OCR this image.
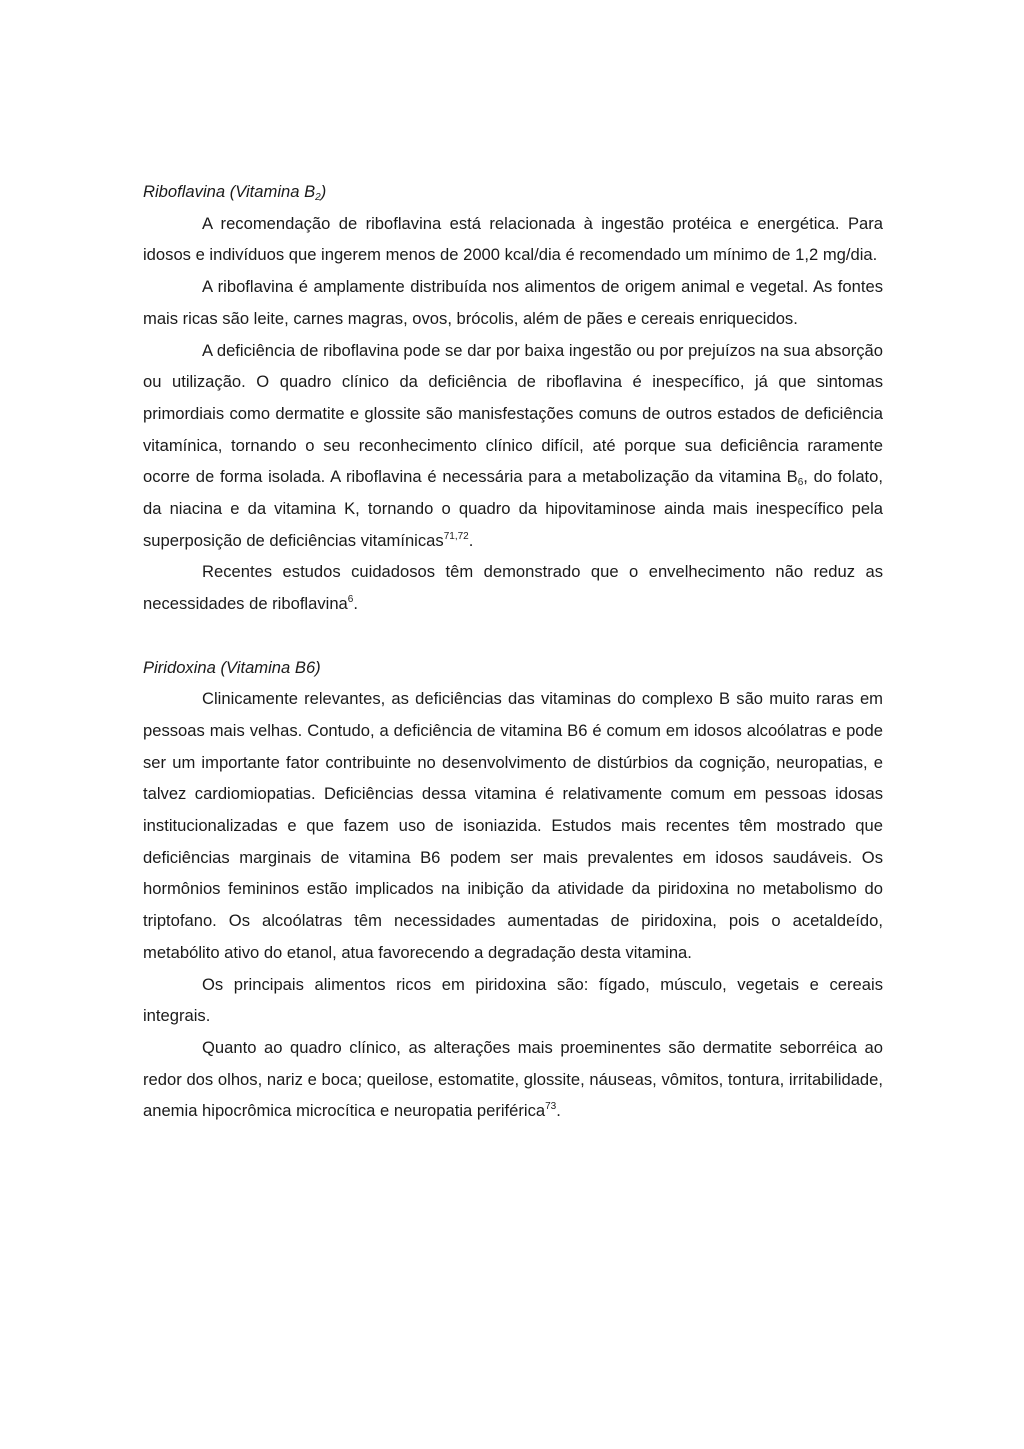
Riboflavina (Vitamina $B_2$)

A recomendação de riboflavina está relacionada à ingestão protéica e energética. Para idosos e indivíduos que ingerem menos de 2000 kcal/dia é recomendado um mínimo de 1,2 mg/dia.

A riboflavina é amplamente distribuída nos alimentos de origem animal e vegetal. As fontes mais ricas são leite, carnes magras, ovos, brócolis, além de pães e cereais enriquecidos.

A deficiência de riboflavina pode se dar por baixa ingestão ou por prejuízos na sua absorção ou utilização. O quadro clínico da deficiência de riboflavina é inespecífico, já que sintomas primordiais como dermatite e glossite são manisfestações comuns de outros estados de deficiência vitamínica, tornando o seu reconhecimento clínico difícil, até porque sua deficiência raramente ocorre de forma isolada. A riboflavina é necessária para a metabolização da vitamina $B_6$, do folato, da niacina e da vitamina K, tornando o quadro da hipovitaminose ainda mais inespecífico pela superposição de deficiências vitamínicas$^{71,72}$.

Recentes estudos cuidadosos têm demonstrado que o envelhecimento não reduz as necessidades de riboflavina$^6$.

Piridoxina (Vitamina B6)

Clinicamente relevantes, as deficiências das vitaminas do complexo B são muito raras em pessoas mais velhas. Contudo, a deficiência de vitamina B6 é comum em idosos alcoólatras e pode ser um importante fator contribuinte no desenvolvimento de distúrbios da cognição, neuropatias, e talvez cardiomiopatias. Deficiências dessa vitamina é relativamente comum em pessoas idosas institucionalizadas e que fazem uso de isoniazida. Estudos mais recentes têm mostrado que deficiências marginais de vitamina B6 podem ser mais prevalentes em idosos saudáveis. Os hormônios femininos estão implicados na inibição da atividade da piridoxina no metabolismo do triptofano. Os alcoólatras têm necessidades aumentadas de piridoxina, pois o acetaldeído, metabólito ativo do etanol, atua favorecendo a degradação desta vitamina.

Os principais alimentos ricos em piridoxina são: fígado, músculo, vegetais e cereais integrais.

Quanto ao quadro clínico, as alterações mais proeminentes são dermatite seborréica ao redor dos olhos, nariz e boca; queilose, estomatite, glossite, náuseas, vômitos, tontura, irritabilidade, anemia hipocrômica microcítica e neuropatia periférica$^{73}$.
